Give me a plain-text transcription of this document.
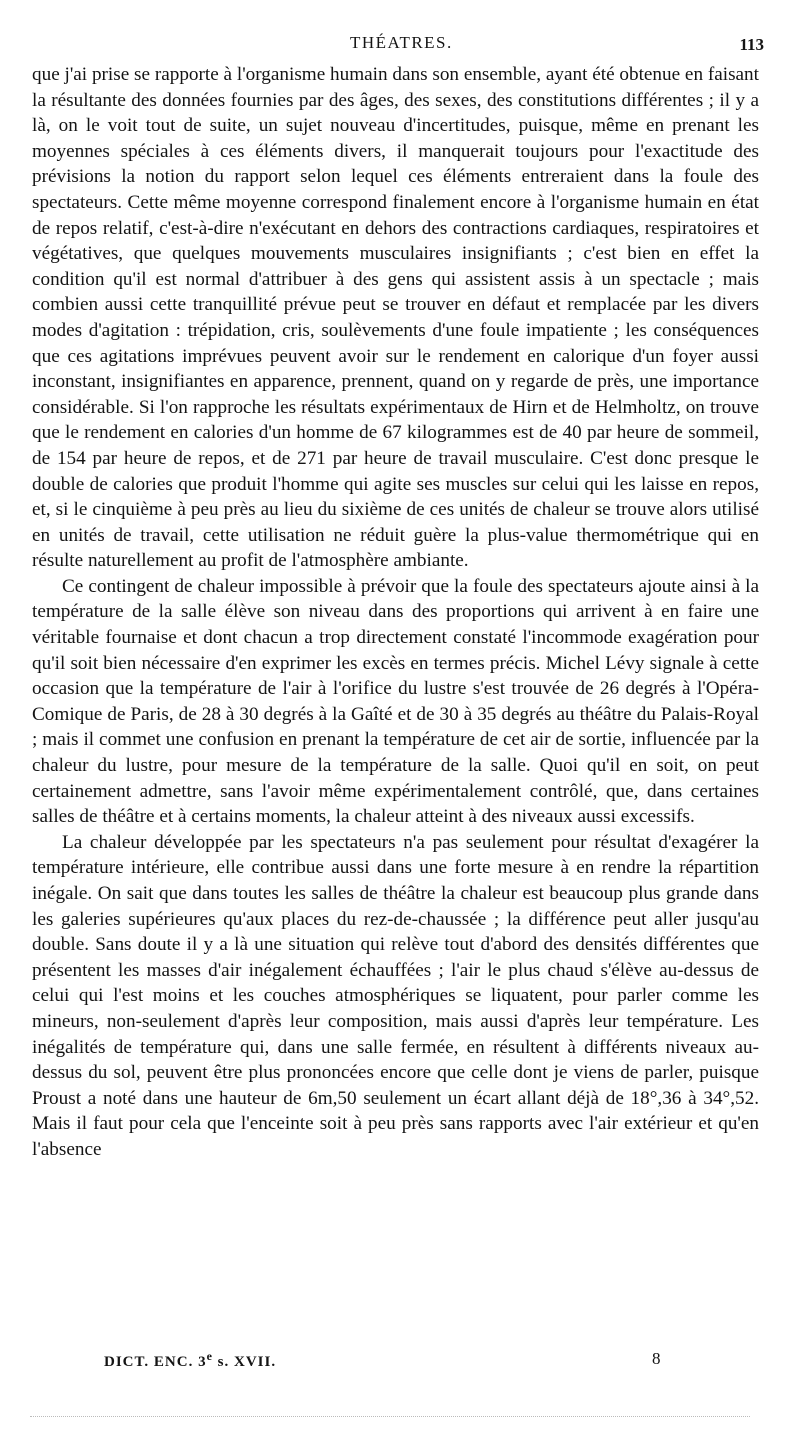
THÉATRES.	113

que j'ai prise se rapporte à l'organisme humain dans son ensemble, ayant été obtenue en faisant la résultante des données fournies par des âges, des sexes, des constitutions différentes ; il y a là, on le voit tout de suite, un sujet nouveau d'incertitudes, puisque, même en prenant les moyennes spéciales à ces éléments divers, il manquerait toujours pour l'exactitude des prévisions la notion du rapport selon lequel ces éléments entreraient dans la foule des spectateurs. Cette même moyenne correspond finalement encore à l'organisme humain en état de repos relatif, c'est-à-dire n'exécutant en dehors des contractions cardiaques, respiratoires et végétatives, que quelques mouvements musculaires insignifiants ; c'est bien en effet la condition qu'il est normal d'attribuer à des gens qui assistent assis à un spectacle ; mais combien aussi cette tranquillité prévue peut se trouver en défaut et remplacée par les divers modes d'agitation : trépidation, cris, soulèvements d'une foule impatiente ; les conséquences que ces agitations imprévues peuvent avoir sur le rendement en calorique d'un foyer aussi inconstant, insignifiantes en apparence, prennent, quand on y regarde de près, une importance considérable. Si l'on rapproche les résultats expérimentaux de Hirn et de Helmholtz, on trouve que le rendement en calories d'un homme de 67 kilogrammes est de 40 par heure de sommeil, de 154 par heure de repos, et de 271 par heure de travail musculaire. C'est donc presque le double de calories que produit l'homme qui agite ses muscles sur celui qui les laisse en repos, et, si le cinquième à peu près au lieu du sixième de ces unités de chaleur se trouve alors utilisé en unités de travail, cette utilisation ne réduit guère la plus-value thermométrique qui en résulte naturellement au profit de l'atmosphère ambiante.

Ce contingent de chaleur impossible à prévoir que la foule des spectateurs ajoute ainsi à la température de la salle élève son niveau dans des proportions qui arrivent à en faire une véritable fournaise et dont chacun a trop directement constaté l'incommode exagération pour qu'il soit bien nécessaire d'en exprimer les excès en termes précis. Michel Lévy signale à cette occasion que la température de l'air à l'orifice du lustre s'est trouvée de 26 degrés à l'Opéra-Comique de Paris, de 28 à 30 degrés à la Gaîté et de 30 à 35 degrés au théâtre du Palais-Royal ; mais il commet une confusion en prenant la température de cet air de sortie, influencée par la chaleur du lustre, pour mesure de la température de la salle. Quoi qu'il en soit, on peut certainement admettre, sans l'avoir même expérimentalement contrôlé, que, dans certaines salles de théâtre et à certains moments, la chaleur atteint à des niveaux aussi excessifs.

La chaleur développée par les spectateurs n'a pas seulement pour résultat d'exagérer la température intérieure, elle contribue aussi dans une forte mesure à en rendre la répartition inégale. On sait que dans toutes les salles de théâtre la chaleur est beaucoup plus grande dans les galeries supérieures qu'aux places du rez-de-chaussée ; la différence peut aller jusqu'au double. Sans doute il y a là une situation qui relève tout d'abord des densités différentes que présentent les masses d'air inégalement échauffées ; l'air le plus chaud s'élève au-dessus de celui qui l'est moins et les couches atmosphériques se liquatent, pour parler comme les mineurs, non-seulement d'après leur composition, mais aussi d'après leur température. Les inégalités de température qui, dans une salle fermée, en résultent à différents niveaux au-dessus du sol, peuvent être plus prononcées encore que celle dont je viens de parler, puisque Proust a noté dans une hauteur de 6m,50 seulement un écart allant déjà de 18°,36 à 34°,52. Mais il faut pour cela que l'enceinte soit à peu près sans rapports avec l'air extérieur et qu'en l'absence

DICT. ENC. 3e s. XVII.	8
